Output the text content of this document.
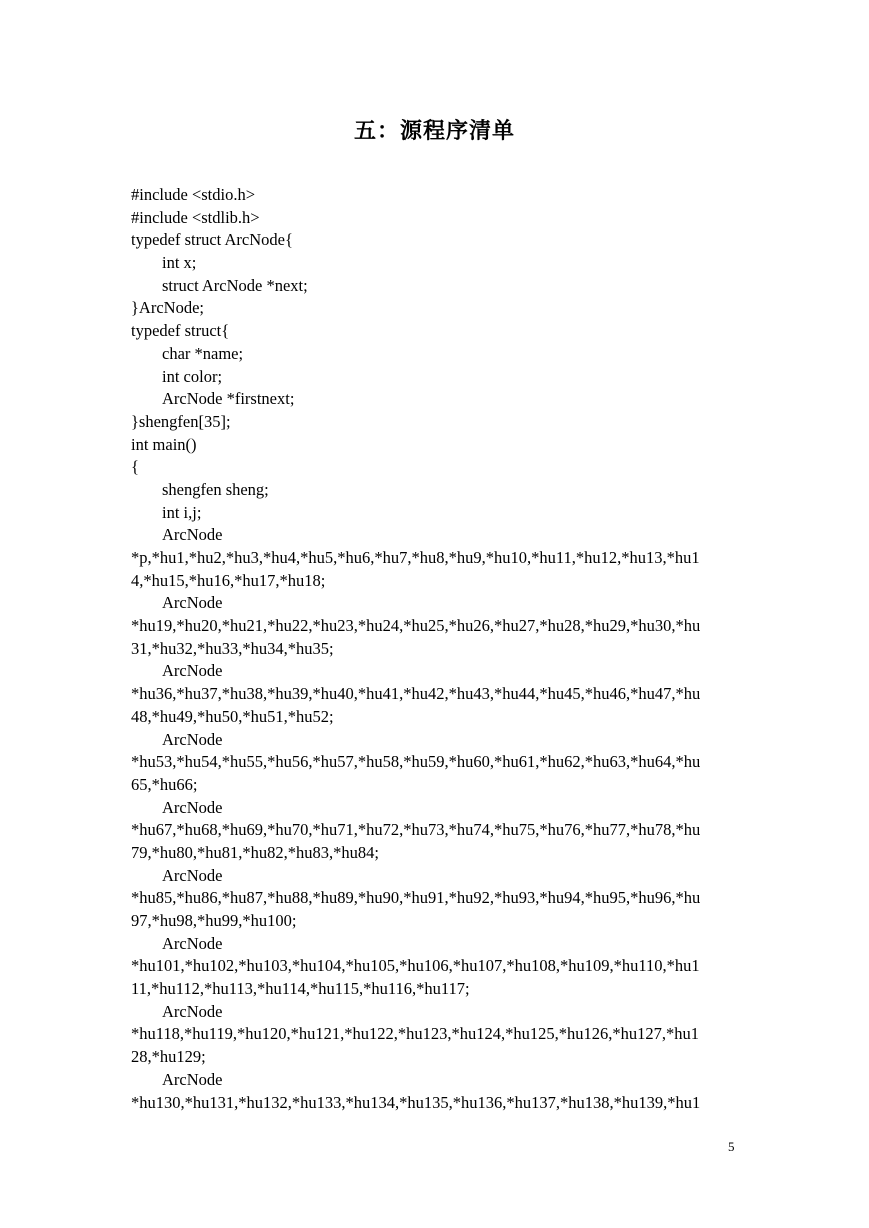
五：源程序清单
#include <stdio.h>
#include <stdlib.h>
typedef struct ArcNode{
int x;
struct ArcNode *next;
}ArcNode;
typedef struct{
char *name;
int color;
ArcNode *firstnext;
}shengfen[35];
int main()
{
shengfen sheng;
int i,j;
ArcNode
*p,*hu1,*hu2,*hu3,*hu4,*hu5,*hu6,*hu7,*hu8,*hu9,*hu10,*hu11,*hu12,*hu13,*hu1
4,*hu15,*hu16,*hu17,*hu18;
ArcNode
*hu19,*hu20,*hu21,*hu22,*hu23,*hu24,*hu25,*hu26,*hu27,*hu28,*hu29,*hu30,*hu
31,*hu32,*hu33,*hu34,*hu35;
ArcNode
*hu36,*hu37,*hu38,*hu39,*hu40,*hu41,*hu42,*hu43,*hu44,*hu45,*hu46,*hu47,*hu
48,*hu49,*hu50,*hu51,*hu52;
ArcNode
*hu53,*hu54,*hu55,*hu56,*hu57,*hu58,*hu59,*hu60,*hu61,*hu62,*hu63,*hu64,*hu
65,*hu66;
ArcNode
*hu67,*hu68,*hu69,*hu70,*hu71,*hu72,*hu73,*hu74,*hu75,*hu76,*hu77,*hu78,*hu
79,*hu80,*hu81,*hu82,*hu83,*hu84;
ArcNode
*hu85,*hu86,*hu87,*hu88,*hu89,*hu90,*hu91,*hu92,*hu93,*hu94,*hu95,*hu96,*hu
97,*hu98,*hu99,*hu100;
ArcNode
*hu101,*hu102,*hu103,*hu104,*hu105,*hu106,*hu107,*hu108,*hu109,*hu110,*hu1
11,*hu112,*hu113,*hu114,*hu115,*hu116,*hu117;
ArcNode
*hu118,*hu119,*hu120,*hu121,*hu122,*hu123,*hu124,*hu125,*hu126,*hu127,*hu1
28,*hu129;
ArcNode
*hu130,*hu131,*hu132,*hu133,*hu134,*hu135,*hu136,*hu137,*hu138,*hu139,*hu1
5
